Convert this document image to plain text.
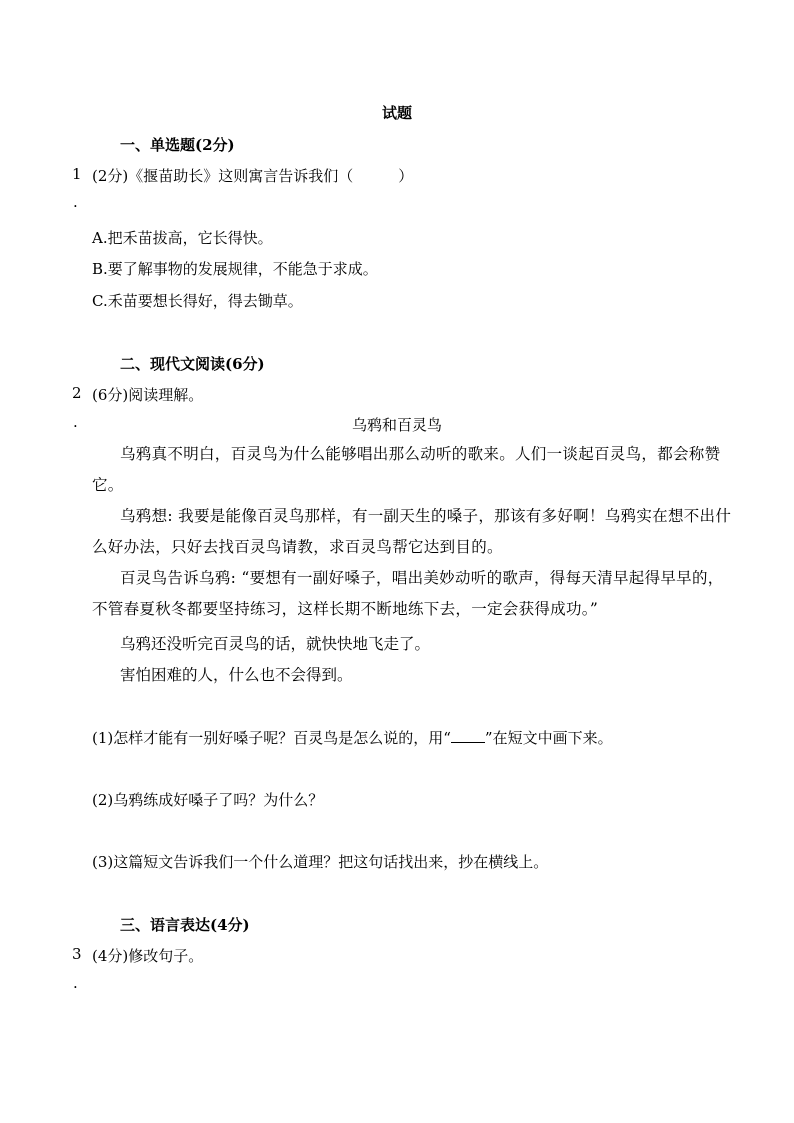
试题
一、单选题(2分)
1
.
(2分)《揠苗助长》这则寓言告诉我们（　　　）
A.把禾苗拔高，它长得快。
B.要了解事物的发展规律，不能急于求成。
C.禾苗要想长得好，得去锄草。
二、现代文阅读(6分)
2
.
(6分)阅读理解。
乌鸦和百灵鸟
乌鸦真不明白，百灵鸟为什么能够唱出那么动听的歌来。人们一谈起百灵鸟，都会称赞它。
乌鸦想: 我要是能像百灵鸟那样，有一副天生的嗓子，那该有多好啊！乌鸦实在想不出什么好办法，只好去找百灵鸟请教，求百灵鸟帮它达到目的。
百灵鸟告诉乌鸦: “要想有一副好嗓子，唱出美妙动听的歌声，得每天清早起得早早的，不管春夏秋冬都要坚持练习，这样长期不断地练下去，一定会获得成功。”
乌鸦还没听完百灵鸟的话，就快快地飞走了。
害怕困难的人，什么也不会得到。
(1)怎样才能有一别好嗓子呢？百灵鸟是怎么说的，用“ ”在短文中画下来。
(2)乌鸦练成好嗓子了吗？为什么？
(3)这篇短文告诉我们一个什么道理？把这句话找出来，抄在横线上。
三、语言表达(4分)
3
.
(4分)修改句子。
